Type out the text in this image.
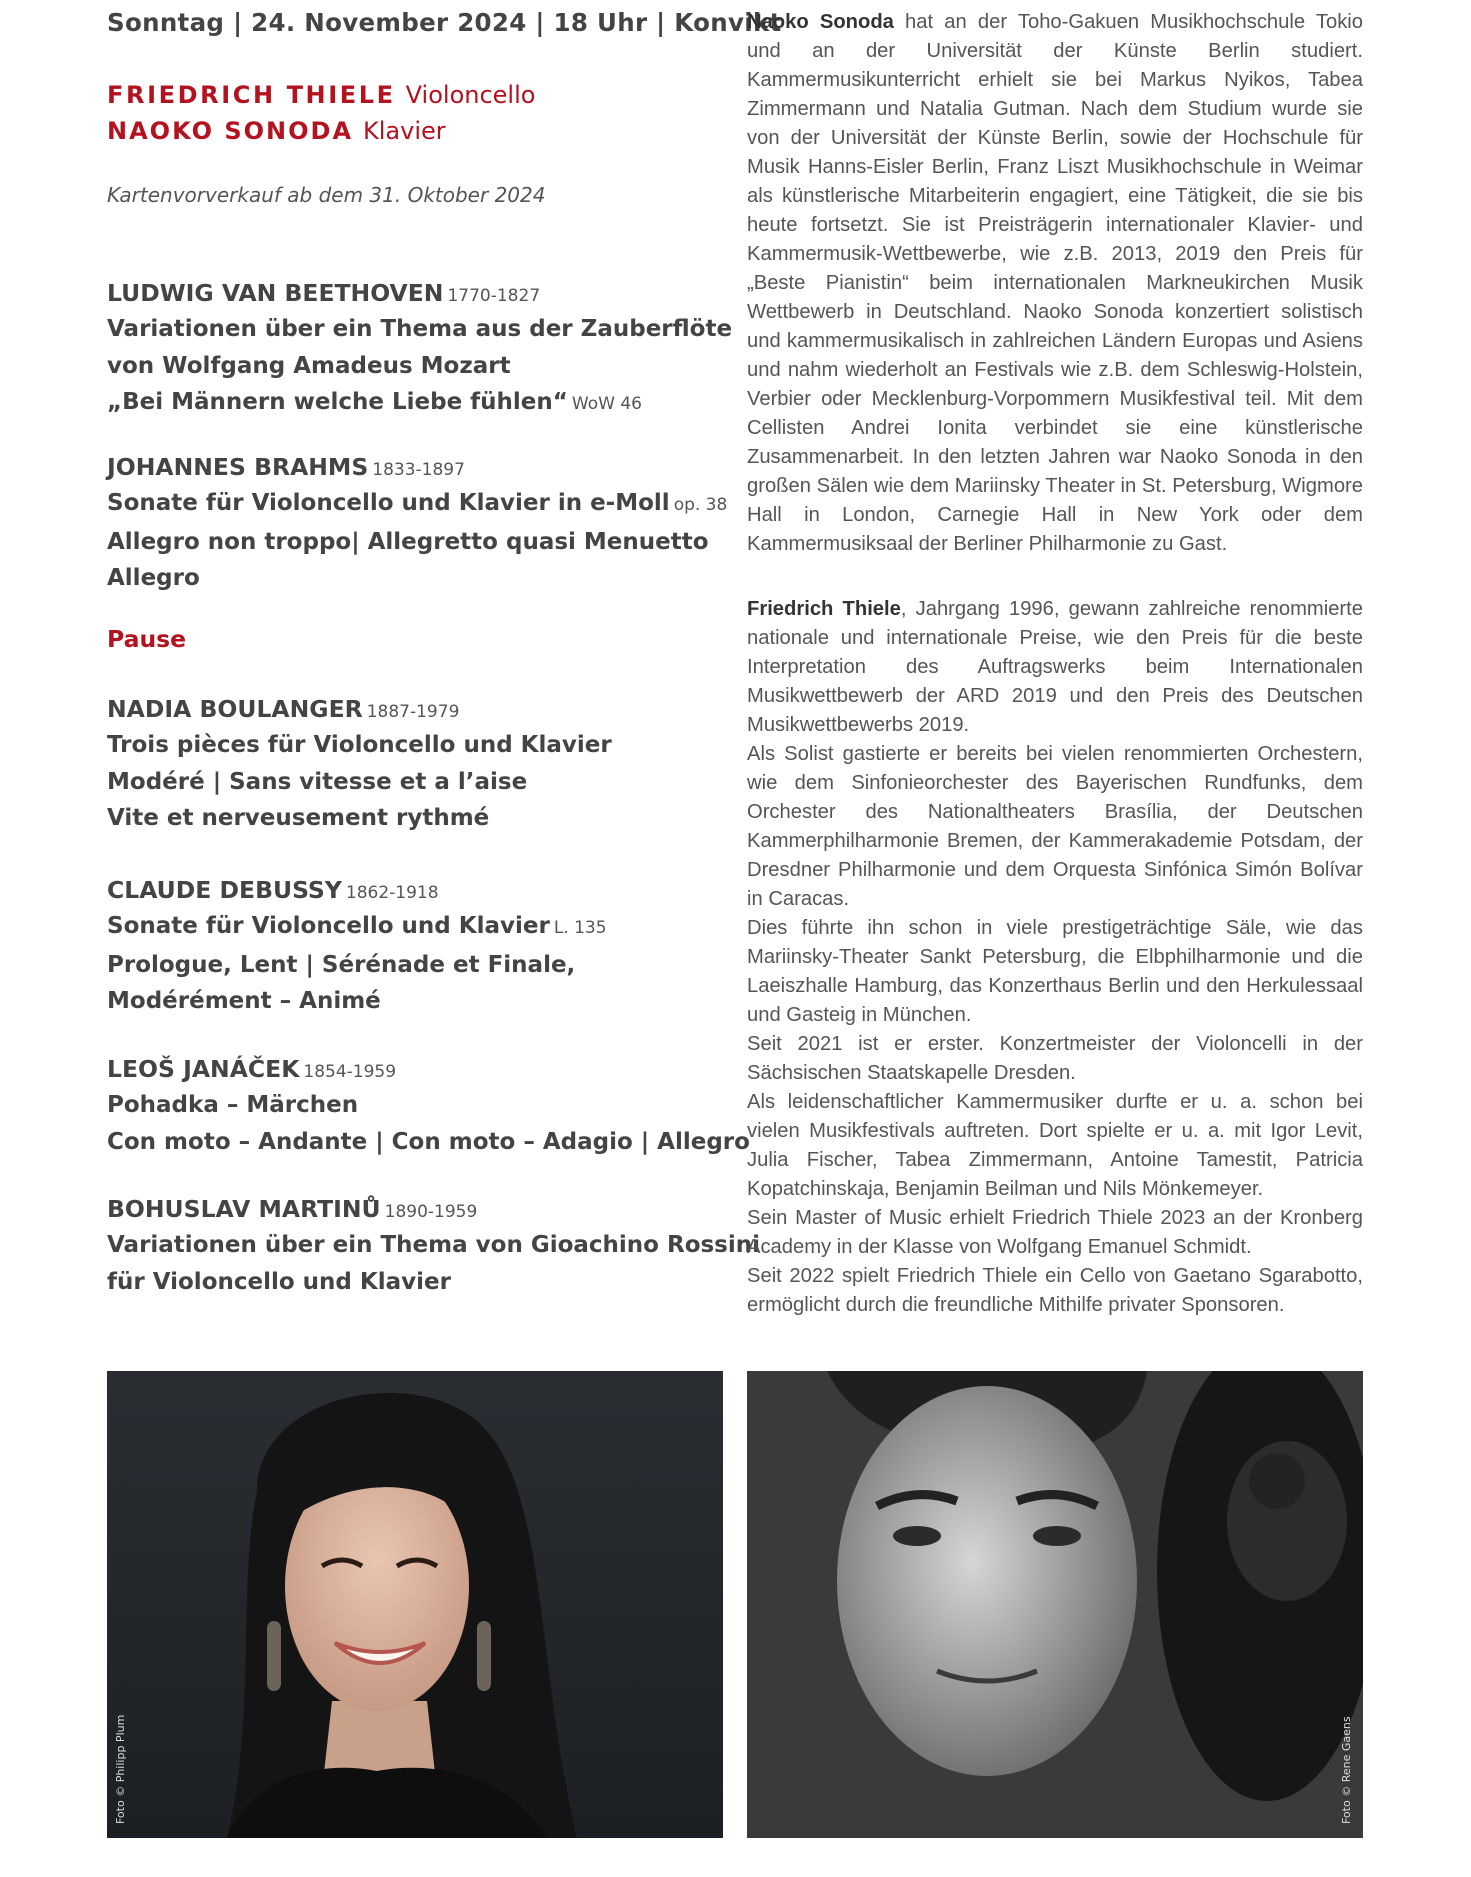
Sonntag | 24. November 2024 | 18 Uhr | Konvikt
FRIEDRICH THIELE Violoncello
NAOKO SONODA Klavier
Kartenvorverkauf ab dem 31. Oktober 2024
LUDWIG VAN BEETHOVEN 1770-1827
Variationen über ein Thema aus der Zauberflöte
von Wolfgang Amadeus Mozart
„Bei Männern welche Liebe fühlen“ WoW 46
JOHANNES BRAHMS 1833-1897
Sonate für Violoncello und Klavier in e-Moll op. 38
Allegro non troppo| Allegretto quasi Menuetto
Allegro
Pause
NADIA BOULANGER 1887-1979
Trois pièces für Violoncello und Klavier
Modéré | Sans vitesse et a l’aise
Vite et nerveusement rythmé
CLAUDE DEBUSSY 1862-1918
Sonate für Violoncello und Klavier L. 135
Prologue, Lent | Sérénade et Finale,
Modérément – Animé
LEOŠ JANÁČEK 1854-1959
Pohadka – Märchen
Con moto – Andante | Con moto – Adagio | Allegro
BOHUSLAV MARTINŮ 1890-1959
Variationen über ein Thema von Gioachino Rossini
für Violoncello und Klavier

Naoko Sonoda hat an der Toho-Gakuen Musikhochschule Tokio und an der Universität der Künste Berlin studiert. Kammermusikunterricht erhielt sie bei Markus Nyikos, Tabea Zimmermann und Natalia Gutman. Nach dem Studium wurde sie von der Universität der Künste Berlin, sowie der Hochschule für Musik Hanns-Eisler Berlin, Franz Liszt Musikhochschule in Weimar als künstlerische Mitarbeiterin engagiert, eine Tätigkeit, die sie bis heute fortsetzt. Sie ist Preisträgerin internationaler Klavier- und Kammermusik-Wettbewerbe, wie z.B. 2013, 2019 den Preis für „Beste Pianistin“ beim internationalen Markneukirchen Musik Wettbewerb in Deutschland. Naoko Sonoda konzertiert solistisch und kammermusikalisch in zahlreichen Ländern Europas und Asiens und nahm wiederholt an Festivals wie z.B. dem Schleswig-Holstein, Verbier oder Mecklenburg-Vorpommern Musikfestival teil. Mit dem Cellisten Andrei Ionita verbindet sie eine künstlerische Zusammenarbeit. In den letzten Jahren war Naoko Sonoda in den großen Sälen wie dem Mariinsky Theater in St. Petersburg, Wigmore Hall in London, Carnegie Hall in New York oder dem Kammermusiksaal der Berliner Philharmonie zu Gast.

Friedrich Thiele, Jahrgang 1996, gewann zahlreiche renommierte nationale und internationale Preise, wie den Preis für die beste Interpretation des Auftragswerks beim Internationalen Musikwettbewerb der ARD 2019 und den Preis des Deutschen Musikwettbewerbs 2019.

Als Solist gastierte er bereits bei vielen renommierten Orchestern, wie dem Sinfonieorchester des Bayerischen Rundfunks, dem Orchester des Nationaltheaters Brasília, der Deutschen Kammerphilharmonie Bremen, der Kammerakademie Potsdam, der Dresdner Philharmonie und dem Orquesta Sinfónica Simón Bolívar in Caracas.

Dies führte ihn schon in viele prestigeträchtige Säle, wie das Mariinsky-Theater Sankt Petersburg, die Elbphilharmonie und die Laeiszhalle Hamburg, das Konzerthaus Berlin und den Herkulessaal und Gasteig in München.

Seit 2021 ist er erster. Konzertmeister der Violoncelli in der Sächsischen Staatskapelle Dresden.

Als leidenschaftlicher Kammermusiker durfte er u. a. schon bei vielen Musikfestivals auftreten. Dort spielte er u. a. mit Igor Levit, Julia Fischer, Tabea Zimmermann, Antoine Tamestit, Patricia Kopatchinskaja, Benjamin Beilman und Nils Mönkemeyer.

Sein Master of Music erhielt Friedrich Thiele 2023 an der Kronberg Academy in der Klasse von Wolfgang Emanuel Schmidt.

Seit 2022 spielt Friedrich Thiele ein Cello von Gaetano Sgarabotto, ermöglicht durch die freundliche Mithilfe privater Sponsoren.

Foto © Philipp Plum	Foto © Rene Gaens
